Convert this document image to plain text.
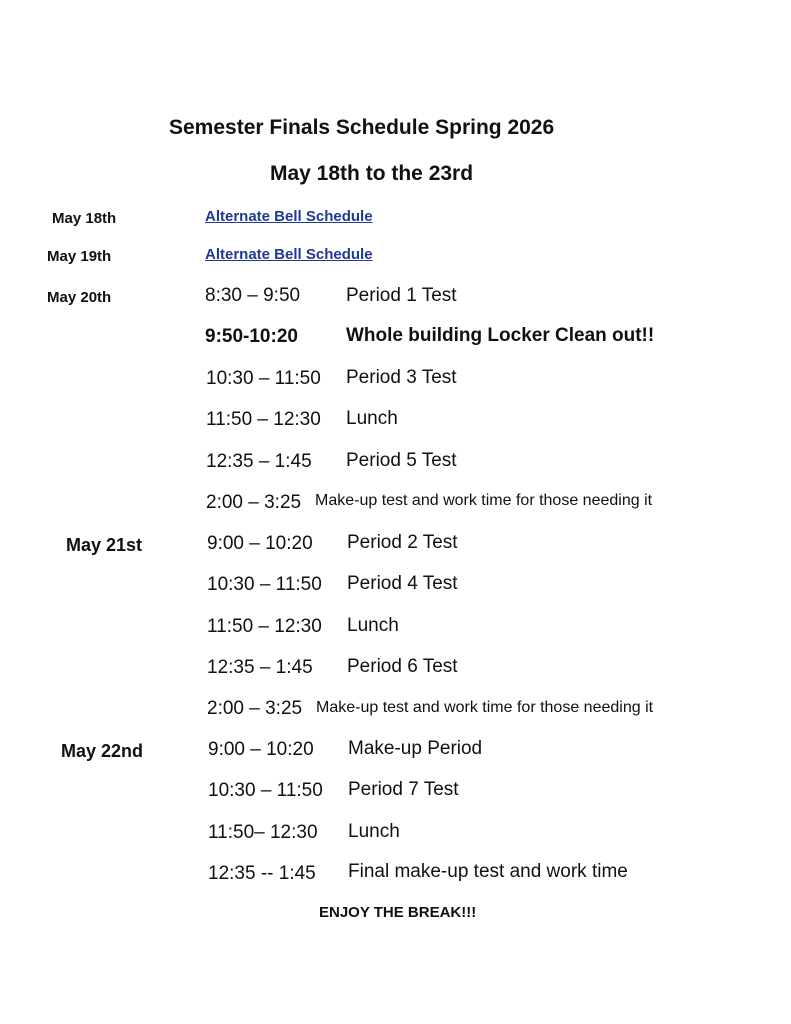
Semester Finals Schedule Spring 2026
May 18th to the 23rd
May 18th	Alternate Bell Schedule
May 19th	Alternate Bell Schedule
May 20th	8:30 – 9:50 Period 1 Test
9:50-10:20	Whole building Locker Clean out!!
10:30 – 11:50 Period 3 Test
11:50 – 12:30 Lunch
12:35 – 1:45 Period 5 Test
2:00 – 3:25 Make-up test and work time for those needing it
May 21st	9:00 – 10:20 Period 2 Test
10:30 – 11:50 Period 4 Test
11:50 – 12:30 Lunch
12:35 – 1:45 Period 6 Test
2:00 – 3:25 Make-up test and work time for those needing it
May 22nd	9:00 – 10:20 Make-up Period
10:30 – 11:50 Period 7 Test
11:50– 12:30 Lunch
12:35 -- 1:45 Final make-up test and work time
ENJOY THE BREAK!!!
